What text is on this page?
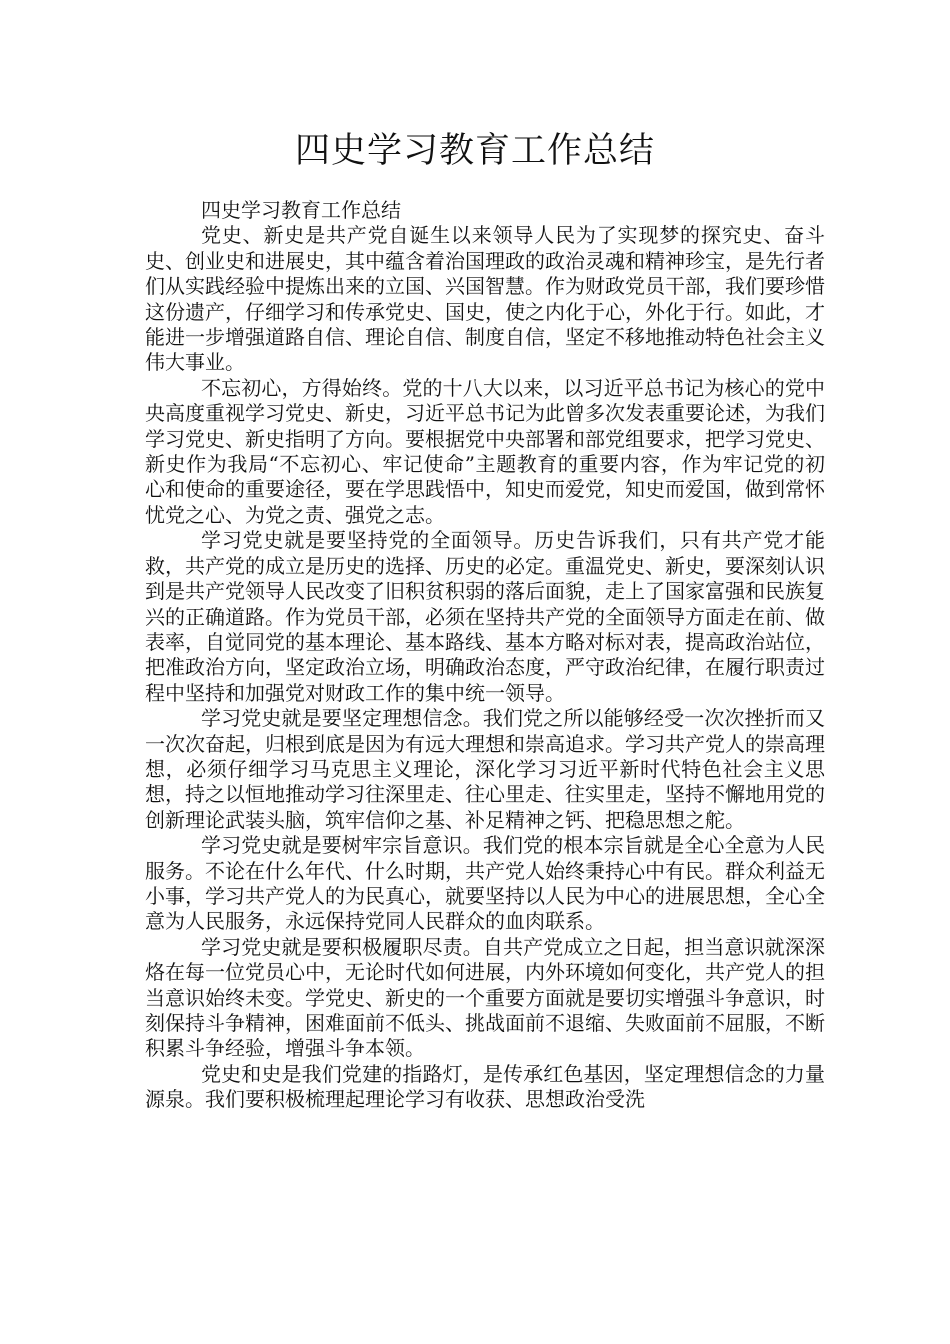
四史学习教育工作总结

四史学习教育工作总结

党史、新史是共产党自诞生以来领导人民为了实现梦的探究史、奋斗史、创业史和进展史，其中蕴含着治国理政的政治灵魂和精神珍宝，是先行者们从实践经验中提炼出来的立国、兴国智慧。作为财政党员干部，我们要珍惜这份遗产，仔细学习和传承党史、国史，使之内化于心，外化于行。如此，才能进一步增强道路自信、理论自信、制度自信，坚定不移地推动特色社会主义伟大事业。

不忘初心，方得始终。党的十八大以来，以习近平总书记为核心的党中央高度重视学习党史、新史，习近平总书记为此曾多次发表重要论述，为我们学习党史、新史指明了方向。要根据党中央部署和部党组要求，把学习党史、新史作为我局“不忘初心、牢记使命”主题教育的重要内容，作为牢记党的初心和使命的重要途径，要在学思践悟中，知史而爱党，知史而爱国，做到常怀忧党之心、为党之责、强党之志。

学习党史就是要坚持党的全面领导。历史告诉我们，只有共产党才能救，共产党的成立是历史的选择、历史的必定。重温党史、新史，要深刻认识到是共产党领导人民改变了旧积贫积弱的落后面貌，走上了国家富强和民族复兴的正确道路。作为党员干部，必须在坚持共产党的全面领导方面走在前、做表率，自觉同党的基本理论、基本路线、基本方略对标对表，提高政治站位，把准政治方向，坚定政治立场，明确政治态度，严守政治纪律，在履行职责过程中坚持和加强党对财政工作的集中统一领导。

学习党史就是要坚定理想信念。我们党之所以能够经受一次次挫折而又一次次奋起，归根到底是因为有远大理想和崇高追求。学习共产党人的崇高理想，必须仔细学习马克思主义理论，深化学习习近平新时代特色社会主义思想，持之以恒地推动学习往深里走、往心里走、往实里走，坚持不懈地用党的创新理论武装头脑，筑牢信仰之基、补足精神之钙、把稳思想之舵。

学习党史就是要树牢宗旨意识。我们党的根本宗旨就是全心全意为人民服务。不论在什么年代、什么时期，共产党人始终秉持心中有民。群众利益无小事，学习共产党人的为民真心，就要坚持以人民为中心的进展思想，全心全意为人民服务，永远保持党同人民群众的血肉联系。

学习党史就是要积极履职尽责。自共产党成立之日起，担当意识就深深烙在每一位党员心中，无论时代如何进展，内外环境如何变化，共产党人的担当意识始终未变。学党史、新史的一个重要方面就是要切实增强斗争意识，时刻保持斗争精神，困难面前不低头、挑战面前不退缩、失败面前不屈服，不断积累斗争经验，增强斗争本领。

党史和史是我们党建的指路灯，是传承红色基因，坚定理想信念的力量源泉。我们要积极梳理起理论学习有收获、思想政治受洗
